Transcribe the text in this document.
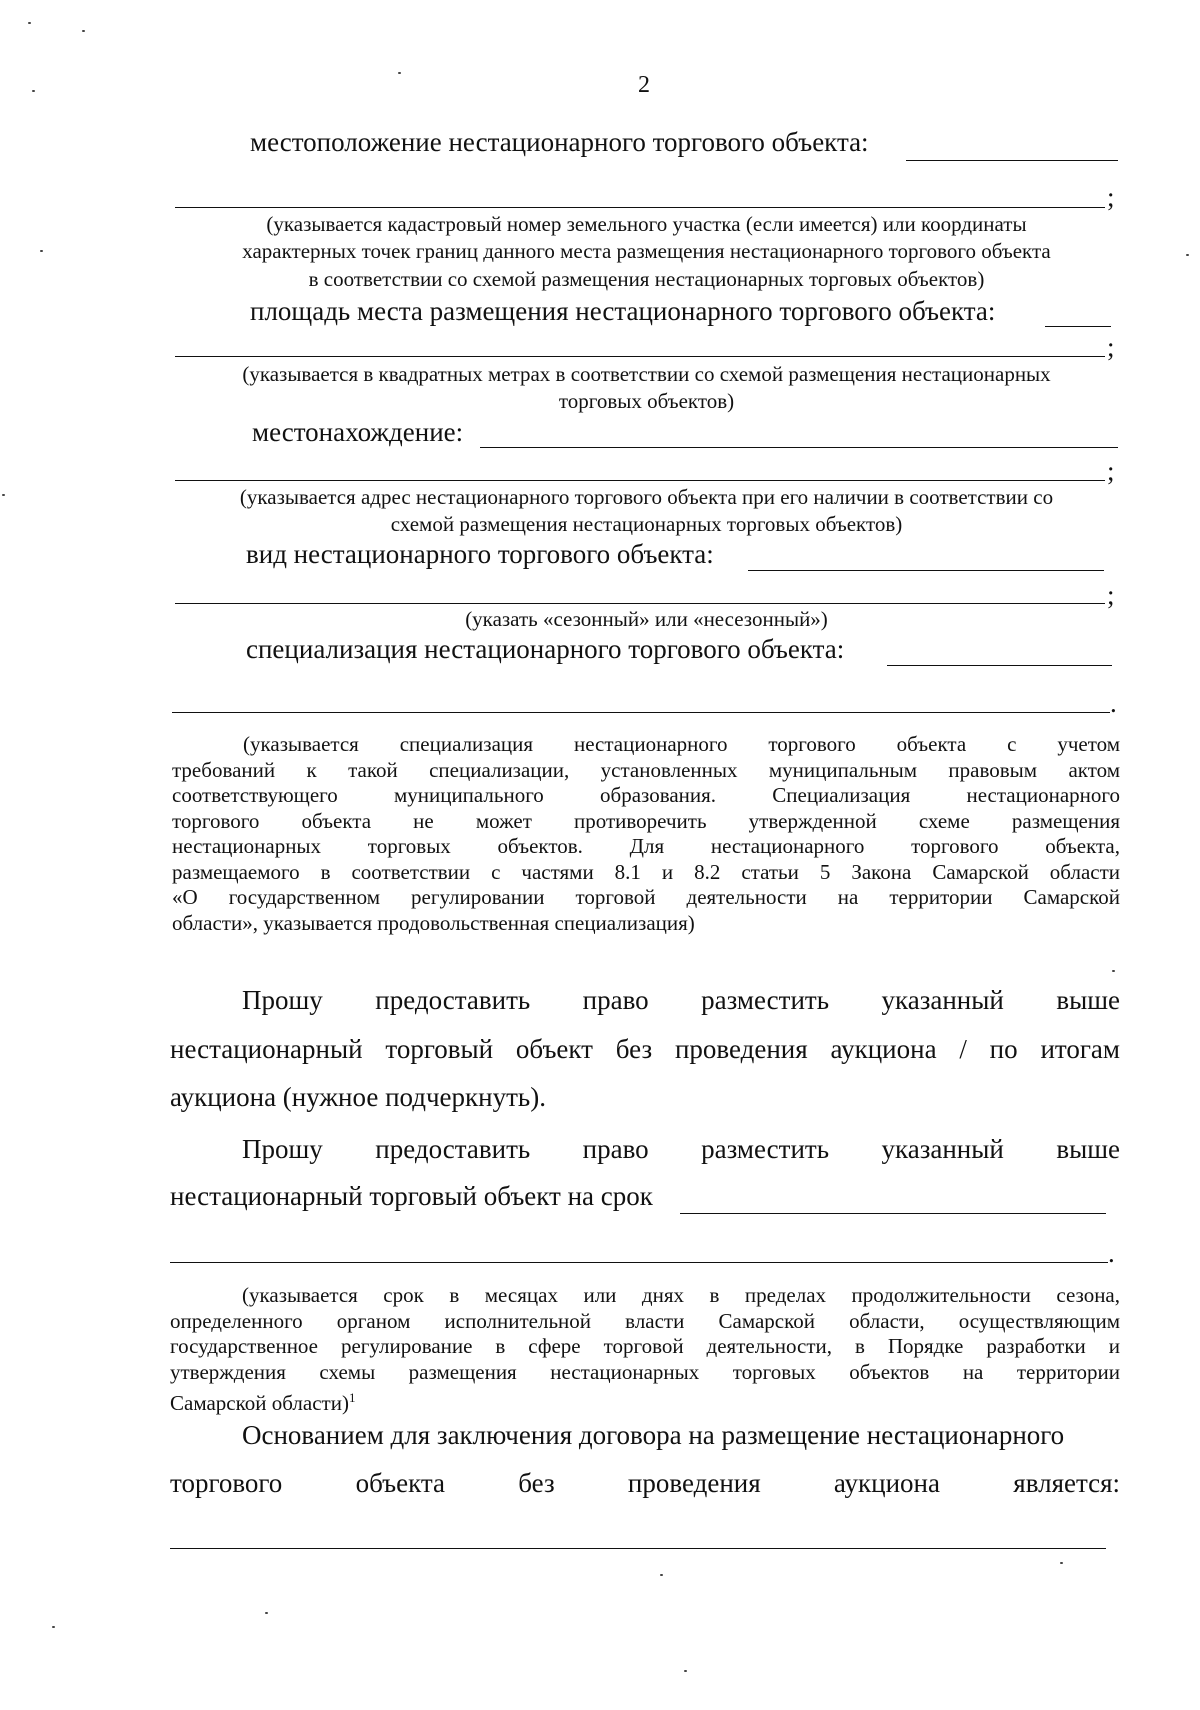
2
местоположение нестационарного торгового объекта:
;
(указывается кадастровый номер земельного участка (если имеется) или координаты
характерных точек границ данного места размещения нестационарного торгового объекта
в соответствии со схемой размещения нестационарных торговых объектов)
площадь места размещения нестационарного торгового объекта:
;
(указывается в квадратных метрах в соответствии со схемой размещения нестационарных
торговых объектов)
местонахождение:
;
(указывается адрес нестационарного торгового объекта при его наличии в соответствии со
схемой размещения нестационарных торговых объектов)
вид нестационарного торгового объекта:
;
(указать «сезонный» или «несезонный»)
специализация нестационарного торгового объекта:
.
(указывается специализация нестационарного торгового объекта с учетом
требований к такой специализации, установленных муниципальным правовым актом
соответствующего муниципального образования. Специализация нестационарного
торгового объекта не может противоречить утвержденной схеме размещения
нестационарных торговых объектов. Для нестационарного торгового объекта,
размещаемого в соответствии с частями 8.1 и 8.2 статьи 5 Закона Самарской области
«О государственном регулировании торговой деятельности на территории Самарской
области», указывается продовольственная специализация)
Прошу предоставить право разместить указанный выше
нестационарный торговый объект без проведения аукциона / по итогам
аукциона (нужное подчеркнуть).
Прошу предоставить право разместить указанный выше
нестационарный торговый объект на срок
.
(указывается срок в месяцах или днях в пределах продолжительности сезона,
определенного органом исполнительной власти Самарской области, осуществляющим
государственное регулирование в сфере торговой деятельности, в Порядке разработки и
утверждения схемы размещения нестационарных торговых объектов на территории
Самарской области)$^1$
Основанием для заключения договора на размещение нестационарного
торгового объекта без проведения аукциона является:
